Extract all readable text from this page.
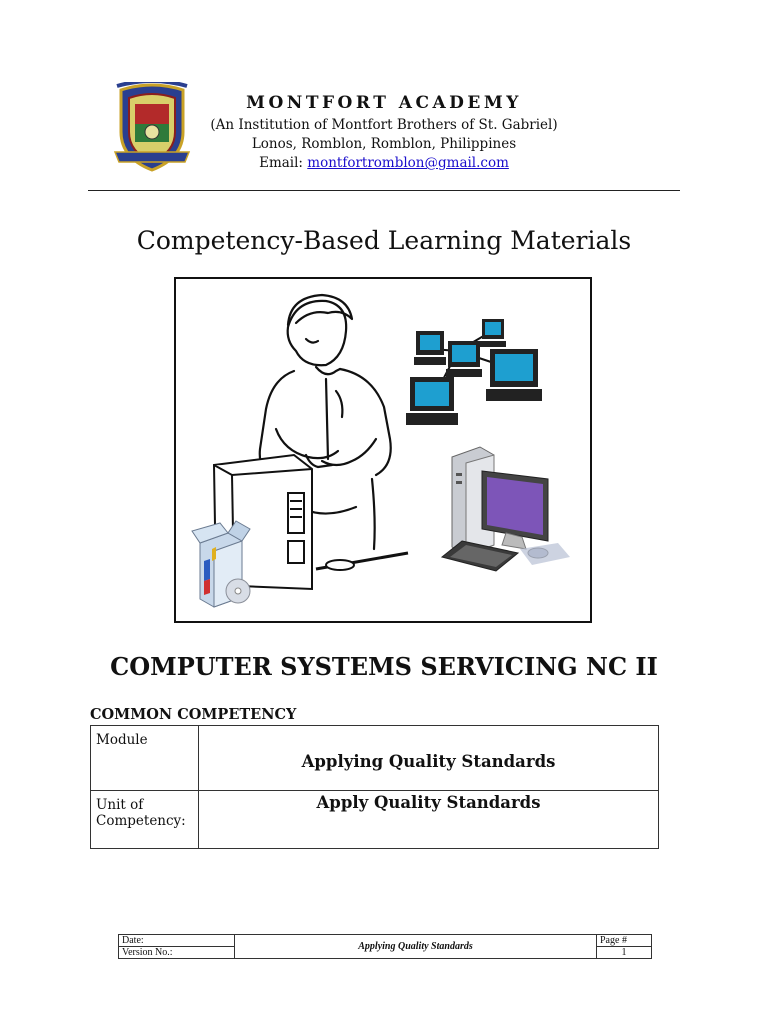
MONTFORT ACADEMY
(An Institution of Montfort Brothers of St. Gabriel)
Lonos, Romblon, Romblon, Philippines
Email: montfortromblon@gmail.com
Competency-Based Learning Materials
COMPUTER SYSTEMS SERVICING NC II
COMMON COMPETENCY
Module	Applying Quality Standards
Unit of Competency:	Apply Quality Standards
Date:	Applying Quality Standards	Page #
Version No.:		1
